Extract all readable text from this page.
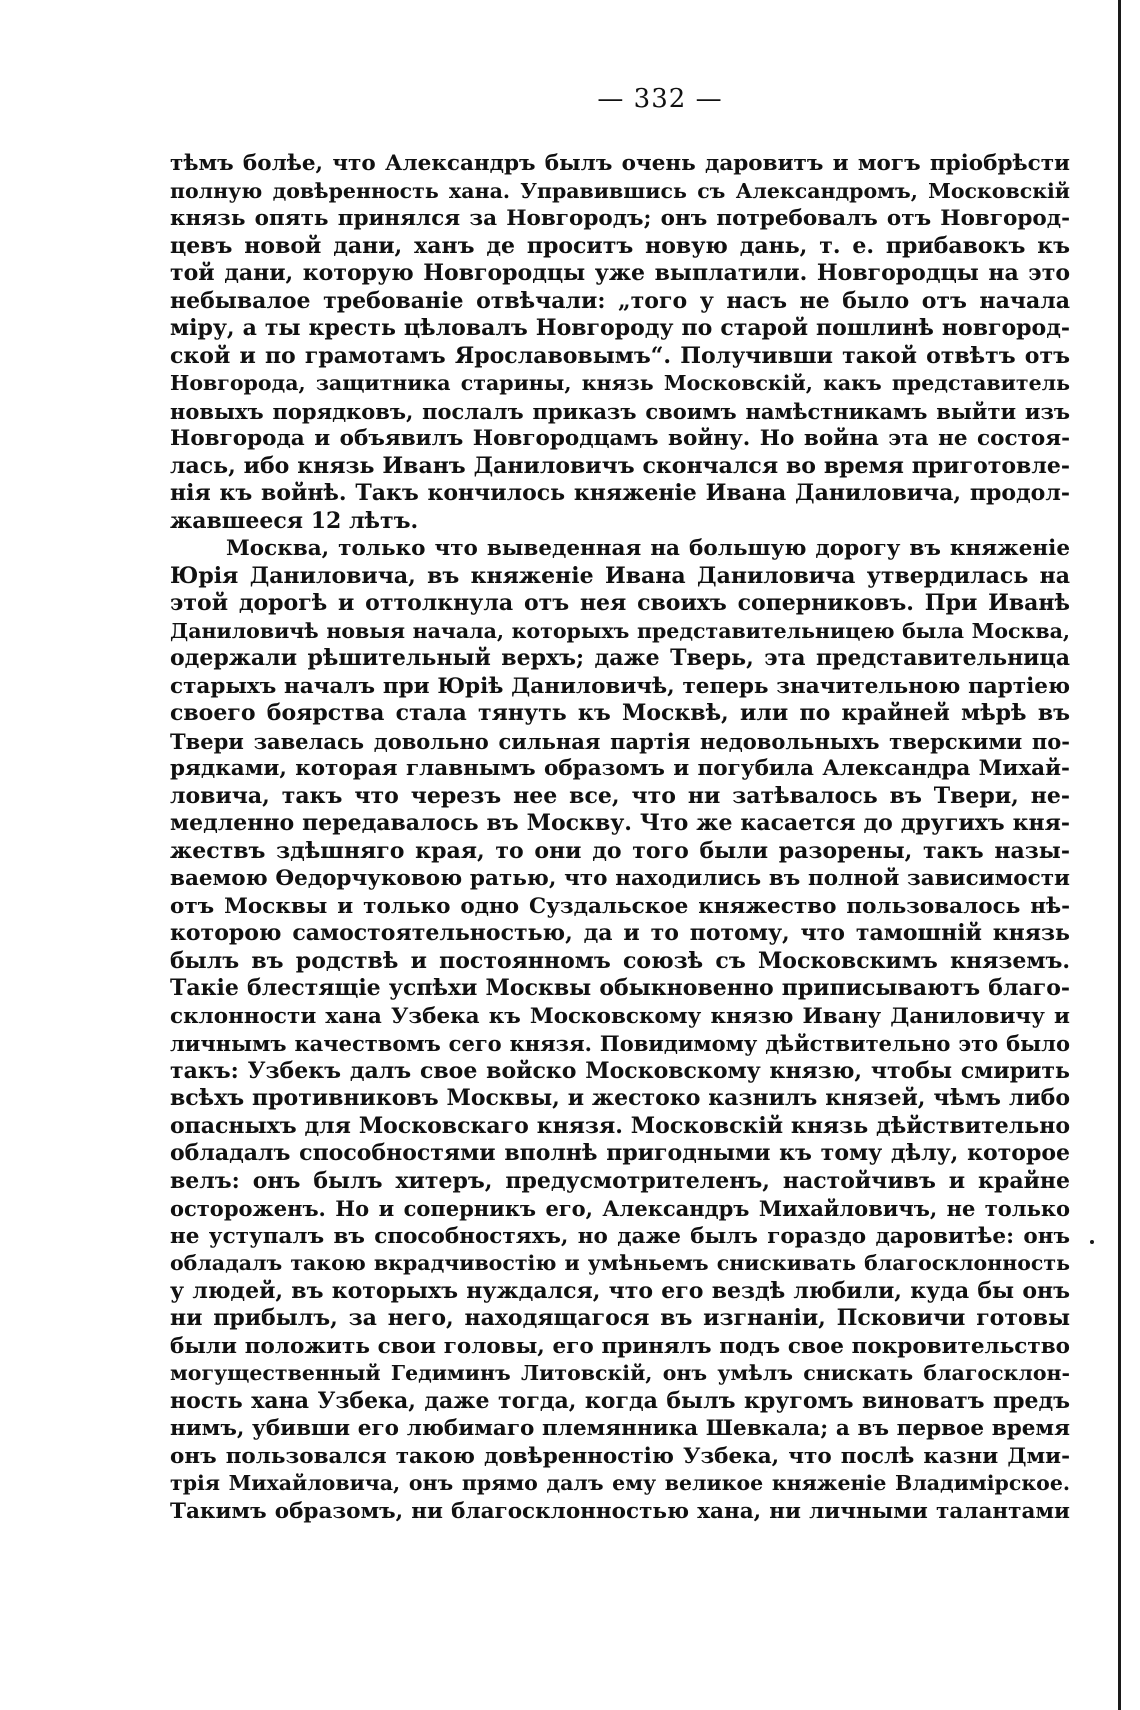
— 332 —
тѣмъ болѣе, что Александръ былъ очень даровитъ и могъ пріобрѣсти
полную довѣренность хана. Управившись съ Александромъ, Московскій
князь опять принялся за Новгородъ; онъ потребовалъ отъ Новгород-
цевъ новой дани, ханъ де проситъ новую дань, т. е. прибавокъ къ
той дани, которую Новгородцы уже выплатили. Новгородцы на это
небывалое требованіе отвѣчали: „того у насъ не было отъ начала
міру, а ты кресть цѣловалъ Новгороду по старой пошлинѣ новгород-
ской и по грамотамъ Ярославовымъ“. Получивши такой отвѣтъ отъ
Новгорода, защитника старины, князь Московскій, какъ представитель
новыхъ порядковъ, послалъ приказъ своимъ намѣстникамъ выйти изъ
Новгорода и объявилъ Новгородцамъ войну. Но война эта не состоя-
лась, ибо князь Иванъ Даниловичъ скончался во время приготовле-
нія къ войнѣ. Такъ кончилось княженіе Ивана Даниловича, продол-
жавшееся 12 лѣтъ.
Москва, только что выведенная на большую дорогу въ княженіе
Юрія Даниловича, въ княженіе Ивана Даниловича утвердилась на
этой дорогѣ и оттолкнула отъ нея своихъ соперниковъ. При Иванѣ
Даниловичѣ новыя начала, которыхъ представительницею была Москва,
одержали рѣшительный верхъ; даже Тверь, эта представительница
старыхъ началъ при Юріѣ Даниловичѣ, теперь значительною партіею
своего боярства стала тянуть къ Москвѣ, или по крайней мѣрѣ въ
Твери завелась довольно сильная партія недовольныхъ тверскими по-
рядками, которая главнымъ образомъ и погубила Александра Михай-
ловича, такъ что черезъ нее все, что ни затѣвалось въ Твери, не-
медленно передавалось въ Москву. Что же касается до другихъ кня-
жествъ здѣшняго края, то они до того были разорены, такъ назы-
ваемою Ѳедорчуковою ратью, что находились въ полной зависимости
отъ Москвы и только одно Суздальское княжество пользовалось нѣ-
которою самостоятельностью, да и то потому, что тамошній князь
былъ въ родствѣ и постоянномъ союзѣ съ Московскимъ княземъ.
Такіе блестящіе успѣхи Москвы обыкновенно приписываютъ благо-
склонности хана Узбека къ Московскому князю Ивану Даниловичу и
личнымъ качествомъ сего князя. Повидимому дѣйствительно это было
такъ: Узбекъ далъ свое войско Московскому князю, чтобы смирить
всѣхъ противниковъ Москвы, и жестоко казнилъ князей, чѣмъ либо
опасныхъ для Московскаго князя. Московскій князь дѣйствительно
обладалъ способностями вполнѣ пригодными къ тому дѣлу, которое
велъ: онъ былъ хитеръ, предусмотрителенъ, настойчивъ и крайне
остороженъ. Но и соперникъ его, Александръ Михайловичъ, не только
не уступалъ въ способностяхъ, но даже былъ гораздо даровитѣе: онъ
обладалъ такою вкрадчивостію и умѣньемъ снискивать благосклонность
у людей, въ которыхъ нуждался, что его вездѣ любили, куда бы онъ
ни прибылъ, за него, находящагося въ изгнаніи, Псковичи готовы
были положить свои головы, его принялъ подъ свое покровительство
могущественный Гедиминъ Литовскій, онъ умѣлъ снискать благосклон-
ность хана Узбека, даже тогда, когда былъ кругомъ виноватъ предъ
нимъ, убивши его любимаго племянника Шевкала; а въ первое время
онъ пользовался такою довѣренностію Узбека, что послѣ казни Дми-
трія Михайловича, онъ прямо далъ ему великое княженіе Владимірское.
Такимъ образомъ, ни благосклонностью хана, ни личными талантами
